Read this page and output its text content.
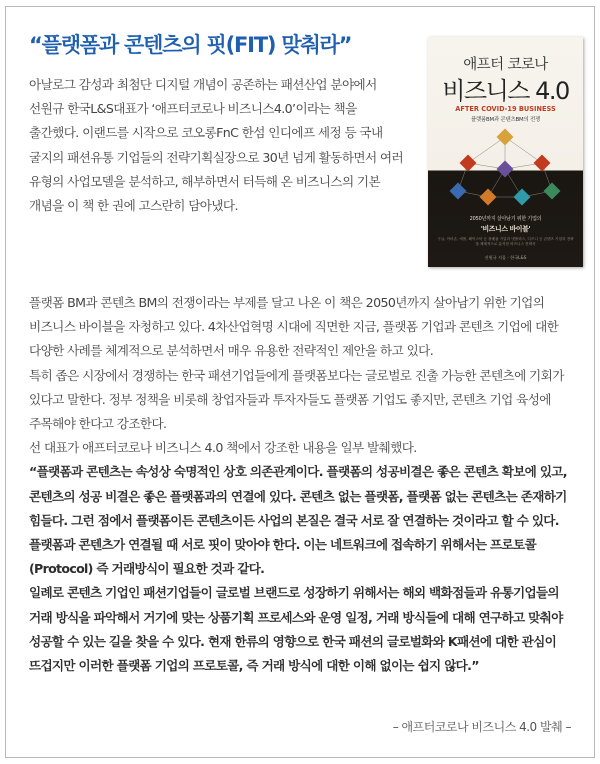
“플랫폼과 콘텐츠의 핏(FIT) 맞춰라”
아날로그 감성과 최첨단 디지털 개념이 공존하는 패션산업 분야에서 선원규 한국L&S대표가 ‘애프터코로나 비즈니스4.0’이라는 책을 출간했다. 이랜드를 시작으로 코오롱FnC 한섬 인디에프 세정 등 국내 굴지의 패션유통 기업들의 전략기획실장으로 30년 넘게 활동하면서 여러 유형의 사업모델을 분석하고, 해부하면서 터득해 온 비즈니스의 기본 개념을 이 책 한 권에 고스란히 담아냈다.
애프터 코로나
비즈니스 4.0
AFTER COVID-19 BUSINESS
플랫폼BM과 콘텐츠BM의 전쟁
2050년까지 살아남기 위한 기업의
'비즈니스 바이블'
구글, 아마존, 애플, 페이스북 등 플랫폼 기업과 넷플릭스, 디즈니 등 콘텐츠 기업의 전략을 체계적으로 분석한 비즈니스 전략서
선원규 지음 · 한국L&S

플랫폼 BM과 콘텐츠 BM의 전쟁이라는 부제를 달고 나온 이 책은 2050년까지 살아남기 위한 기업의 비즈니스 바이블을 자청하고 있다. 4차산업혁명 시대에 직면한 지금, 플랫폼 기업과 콘텐츠 기업에 대한 다양한 사례를 체계적으로 분석하면서 매우 유용한 전략적인 제안을 하고 있다.

특히 좁은 시장에서 경쟁하는 한국 패션기업들에게 플랫폼보다는 글로벌로 진출 가능한 콘텐츠에 기회가 있다고 말한다. 정부 정책을 비롯해 창업자들과 투자자들도 플랫폼 기업도 좋지만, 콘텐츠 기업 육성에 주목해야 한다고 강조한다.

선 대표가 애프터코로나 비즈니스 4.0 책에서 강조한 내용을 일부 발췌했다.

“플랫폼과 콘텐츠는 속성상 숙명적인 상호 의존관계이다. 플랫폼의 성공비결은 좋은 콘텐츠 확보에 있고, 콘텐츠의 성공 비결은 좋은 플랫폼과의 연결에 있다. 콘텐츠 없는 플랫폼, 플랫폼 없는 콘텐츠는 존재하기 힘들다. 그런 점에서 플랫폼이든 콘텐츠이든 사업의 본질은 결국 서로 잘 연결하는 것이라고 할 수 있다. 플랫폼과 콘텐츠가 연결될 때 서로 핏이 맞아야 한다. 이는 네트워크에 접속하기 위해서는 프로토콜(Protocol) 즉 거래방식이 필요한 것과 같다.

일례로 콘텐츠 기업인 패션기업들이 글로벌 브랜드로 성장하기 위해서는 해외 백화점들과 유통기업들의 거래 방식을 파악해서 거기에 맞는 상품기획 프로세스와 운영 일정, 거래 방식들에 대해 연구하고 맞춰야 성공할 수 있는 길을 찾을 수 있다. 현재 한류의 영향으로 한국 패션의 글로벌화와 K패션에 대한 관심이 뜨겁지만 이러한 플랫폼 기업의 프로토콜, 즉 거래 방식에 대한 이해 없이는 쉽지 않다.”

– 애프터코로나 비즈니스 4.0 발췌 –
